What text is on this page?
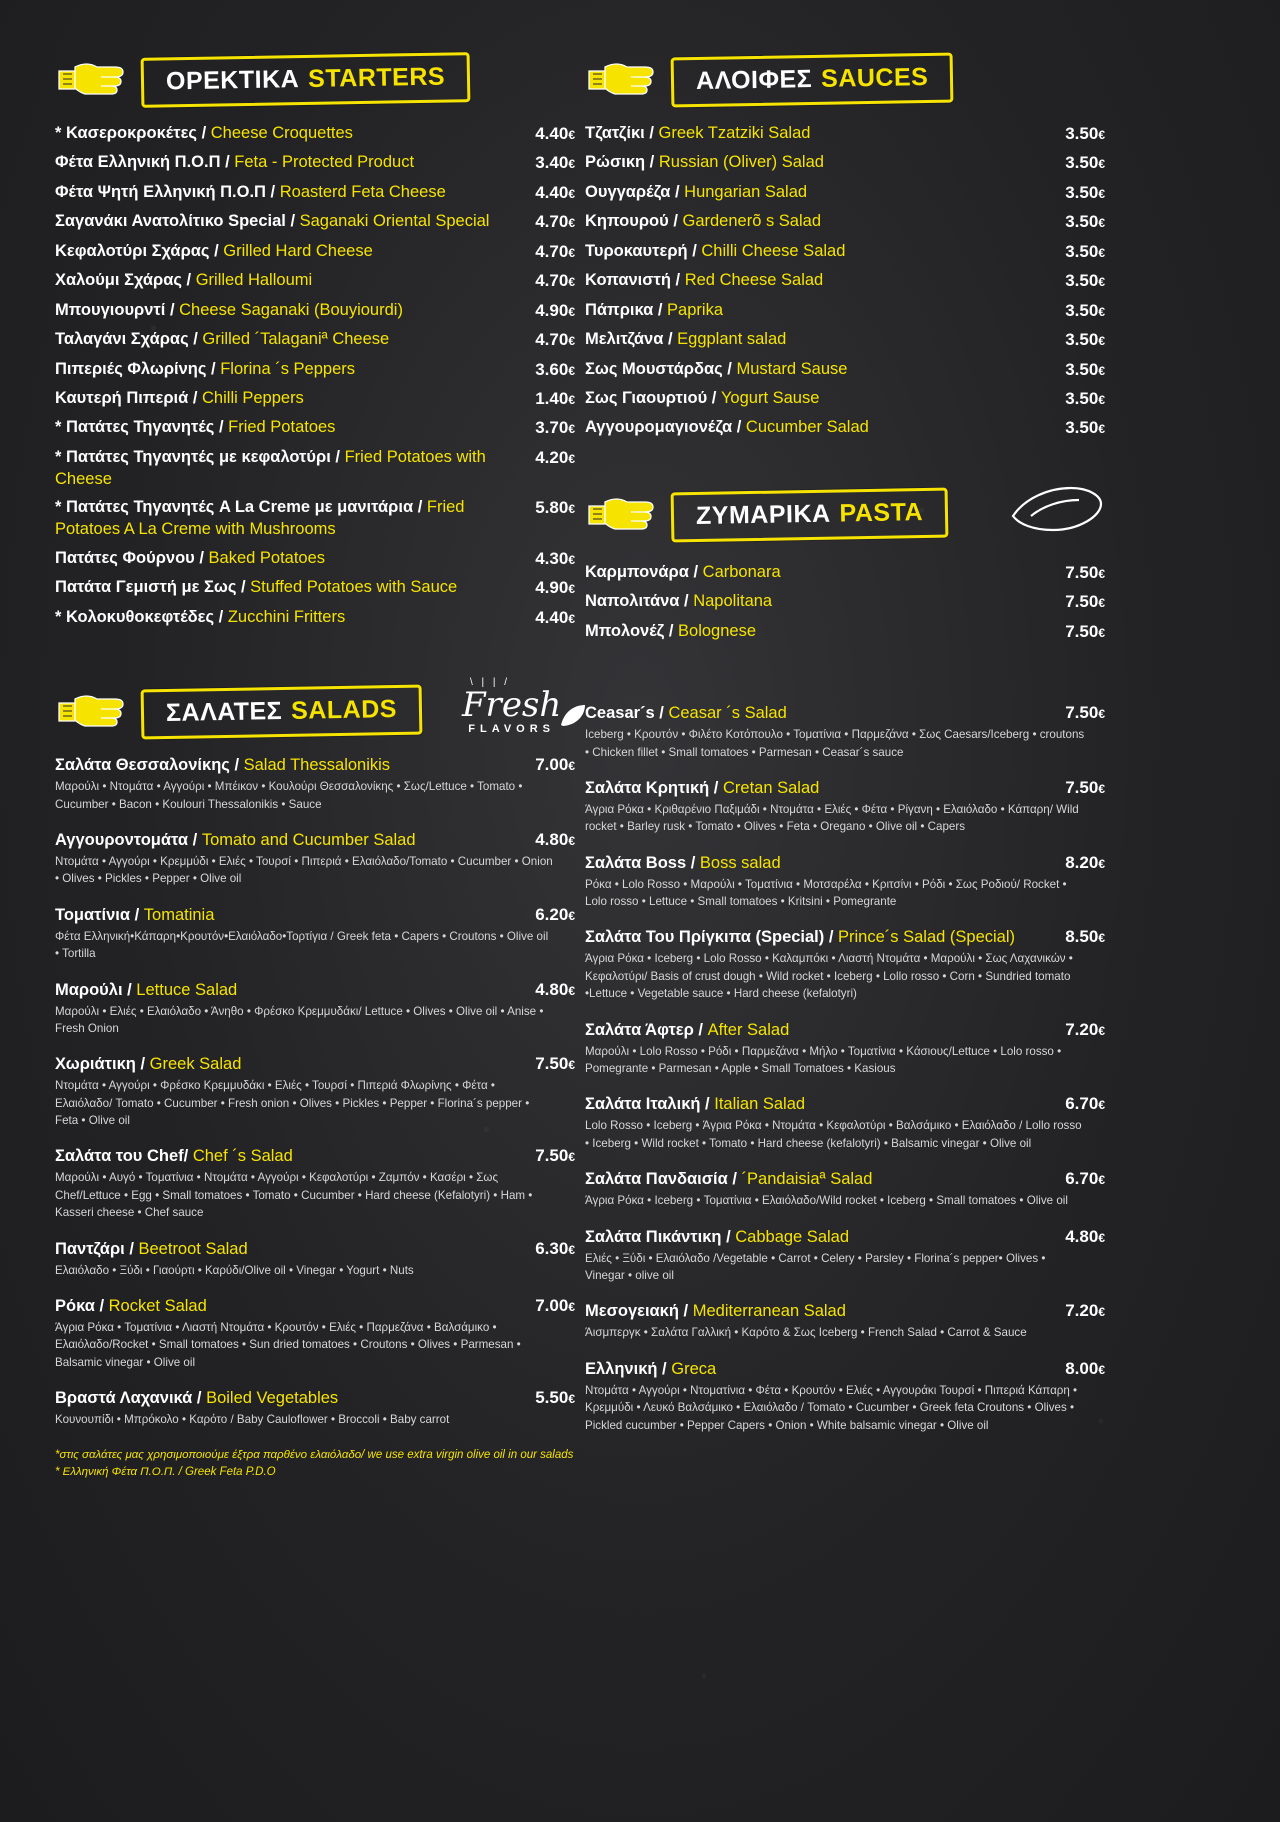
ΟΡΕΚΤΙΚΑ STARTERS
* Κασεροκροκέτες / Cheese Croquettes	4.40€
Φέτα Ελληνική Π.Ο.Π / Feta - Protected Product	3.40€
Φέτα Ψητή Ελληνική Π.Ο.Π / Roasterd Feta Cheese	4.40€
Σαγανάκι Ανατολίτικο Special / Saganaki Oriental Special	4.70€
Κεφαλοτύρι Σχάρας / Grilled Hard Cheese	4.70€
Χαλούμι Σχάρας / Grilled Halloumi	4.70€
Μπουγιουρντί / Cheese Saganaki (Bouyiourdi)	4.90€
Ταλαγάνι Σχάρας / Grilled ´Talaganiª Cheese	4.70€
Πιπεριές Φλωρίνης / Florina ´s Peppers	3.60€
Καυτερή Πιπεριά / Chilli Peppers	1.40€
* Πατάτες Τηγανητές / Fried Potatoes	3.70€
* Πατάτες Τηγανητές με κεφαλοτύρι / Fried Potatoes with Cheese
4.20€
* Πατάτες Τηγανητές A La Creme με μανιτάρια / Fried Potatoes A La Creme with Mushrooms
5.80€
Πατάτες Φούρνου / Baked Potatoes	4.30€
Πατάτα Γεμιστή με Σως / Stuffed Potatoes with Sauce	4.90€
* Κολοκυθοκεφτέδες / Zucchini Fritters	4.40€
ΣΑΛΑΤΕΣ SALADS
\ | | /
Fresh
FLAVORS
Σαλάτα Θεσσαλονίκης / Salad Thessalonikis	7.00€
Μαρούλι • Ντομάτα • Αγγούρι • Μπέικον • Κουλούρι Θεσσαλονίκης • Σως/Lettuce • Tomato • Cucumber • Bacon • Koulouri Thessalonikis • Sauce
Αγγουροντομάτα / Tomato and Cucumber Salad	4.80€
Ντομάτα • Αγγούρι • Κρεμμύδι • Ελιές • Τουρσί • Πιπεριά • Ελαιόλαδο/Tomato • Cucumber • Onion • Olives • Pickles • Pepper • Olive oil
Τοματίνια / Tomatinia	6.20€
Φέτα Ελληνική•Κάπαρη•Κρουτόν•Ελαιόλαδο•Τορτίγια / Greek feta • Capers • Croutons • Olive oil • Tortilla
Μαρούλι / Lettuce Salad	4.80€
Μαρούλι • Ελιές • Ελαιόλαδο • Άνηθο • Φρέσκο Κρεμμυδάκι/ Lettuce • Olives • Olive oil • Anise • Fresh Onion
Χωριάτικη / Greek Salad	7.50€
Ντομάτα • Αγγούρι • Φρέσκο Κρεμμυδάκι • Ελιές • Τουρσί • Πιπεριά Φλωρίνης • Φέτα • Ελαιόλαδο/ Tomato • Cucumber • Fresh onion • Olives • Pickles • Pepper • Florina´s pepper • Feta • Olive oil
Σαλάτα του Chef/ Chef ´s Salad	7.50€
Μαρούλι • Αυγό • Τοματίνια • Ντομάτα • Αγγούρι • Κεφαλοτύρι • Ζαμπόν • Κασέρι • Σως Chef/Lettuce • Egg • Small tomatoes • Tomato • Cucumber • Hard cheese (Kefalotyri) • Ham • Kasseri cheese • Chef sauce
Παντζάρι / Beetroot Salad	6.30€
Ελαιόλαδο • Ξύδι • Γιαούρτι • Καρύδι/Olive oil • Vinegar • Yogurt • Nuts
Ρόκα / Rocket Salad	7.00€
Άγρια Ρόκα • Τοματίνια • Λιαστή Ντομάτα • Κρουτόν • Ελιές • Παρμεζάνα • Βαλσάμικο • Ελαιόλαδο/Rocket • Small tomatoes • Sun dried tomatoes • Croutons • Olives • Parmesan • Balsamic vinegar • Olive oil
Βραστά Λαχανικά / Boiled Vegetables	5.50€
Κουνουπίδι • Μπρόκολο • Καρότο / Baby Cauloflower • Broccoli • Baby carrot
*στις σαλάτες μας χρησιμοποιούμε έξτρα παρθένο ελαιόλαδο/ we use extra virgin olive oil in our salads
* Ελληνική Φέτα Π.Ο.Π. / Greek Feta P.D.O
ΑΛΟΙΦΕΣ SAUCES
Τζατζίκι / Greek Tzatziki Salad	3.50€
Ρώσικη / Russian (Oliver) Salad	3.50€
Ουγγαρέζα / Hungarian Salad	3.50€
Κηπουρού / Gardenerõ s Salad	3.50€
Τυροκαυτερή / Chilli Cheese Salad	3.50€
Κοπανιστή / Red Cheese Salad	3.50€
Πάπρικα / Paprika	3.50€
Μελιτζάνα / Eggplant salad	3.50€
Σως Μουστάρδας / Mustard Sause	3.50€
Σως Γιαουρτιού / Yogurt Sause	3.50€
Αγγουρομαγιονέζα / Cucumber Salad	3.50€
ΖΥΜΑΡΙΚΑ PASTA
Καρμπονάρα / Carbonara	7.50€
Ναπολιτάνα / Napolitana	7.50€
Μπολονέζ / Bolognese	7.50€
Ceasar´s / Ceasar ´s Salad	7.50€
Iceberg • Κρουτόν • Φιλέτο Κοτόπουλο • Τοματίνια • Παρμεζάνα • Σως Caesars/Iceberg • croutons • Chicken fillet • Small tomatoes • Parmesan • Ceasar´s sauce
Σαλάτα Κρητική / Cretan Salad	7.50€
Άγρια Ρόκα • Κριθαρένιο Παξιμάδι • Ντομάτα • Ελιές • Φέτα • Ρίγανη • Ελαιόλαδο • Κάπαρη/ Wild rocket • Barley rusk • Tomato • Olives • Feta • Oregano • Olive oil • Capers
Σαλάτα Boss / Boss salad	8.20€
Ρόκα • Lolo Rosso • Μαρούλι • Τοματίνια • Μοτσαρέλα • Κριτσίνι • Ρόδι • Σως Ροδιού/ Rocket • Lolo rosso • Lettuce • Small tomatoes • Kritsini • Pomegrante
Σαλάτα Του Πρίγκιπα (Special) / Prince´s Salad (Special)	8.50€
Άγρια Ρόκα • Iceberg • Lolo Rosso • Καλαμπόκι • Λιαστή Ντομάτα • Μαρούλι • Σως Λαχανικών • Κεφαλοτύρι/ Basis of crust dough • Wild rocket • Iceberg • Lollo rosso • Corn • Sundried tomato •Lettuce • Vegetable sauce • Hard cheese (kefalotyri)
Σαλάτα Άφτερ / After Salad	7.20€
Μαρούλι • Lolo Rosso • Ρόδι • Παρμεζάνα • Μήλο • Τοματίνια • Κάσιους/Lettuce • Lolo rosso • Pomegrante • Parmesan • Apple • Small Tomatoes • Kasious
Σαλάτα Ιταλική / Italian Salad	6.70€
Lolo Rosso • Iceberg • Άγρια Ρόκα • Ντομάτα • Κεφαλοτύρι • Βαλσάμικο • Ελαιόλαδο / Lollo rosso • Iceberg • Wild rocket • Tomato • Hard cheese (kefalotyri) • Balsamic vinegar • Olive oil
Σαλάτα Πανδαισία / ´Pandaisiaª Salad	6.70€
Άγρια Ρόκα • Iceberg • Τοματίνια • Ελαιόλαδο/Wild rocket • Iceberg • Small tomatoes • Olive oil
Σαλάτα Πικάντικη / Cabbage Salad	4.80€
Ελιές • Ξύδι • Ελαιόλαδο /Vegetable • Carrot • Celery • Parsley • Florina´s pepper• Olives • Vinegar • olive oil
Μεσογειακή / Mediterranean Salad	7.20€
Άισμπεργκ • Σαλάτα Γαλλική • Καρότο & Σως Iceberg • French Salad • Carrot & Sauce
Ελληνική / Greca	8.00€
Ντομάτα • Αγγούρι • Ντοματίνια • Φέτα • Κρουτόν • Ελιές • Αγγουράκι Τουρσί • Πιπεριά Κάπαρη • Κρεμμύδι • Λευκό Βαλσάμικο • Ελαιόλαδο / Tomato • Cucumber • Greek feta Croutons • Olives • Pickled cucumber • Pepper Capers • Onion • White balsamic vinegar • Olive oil
